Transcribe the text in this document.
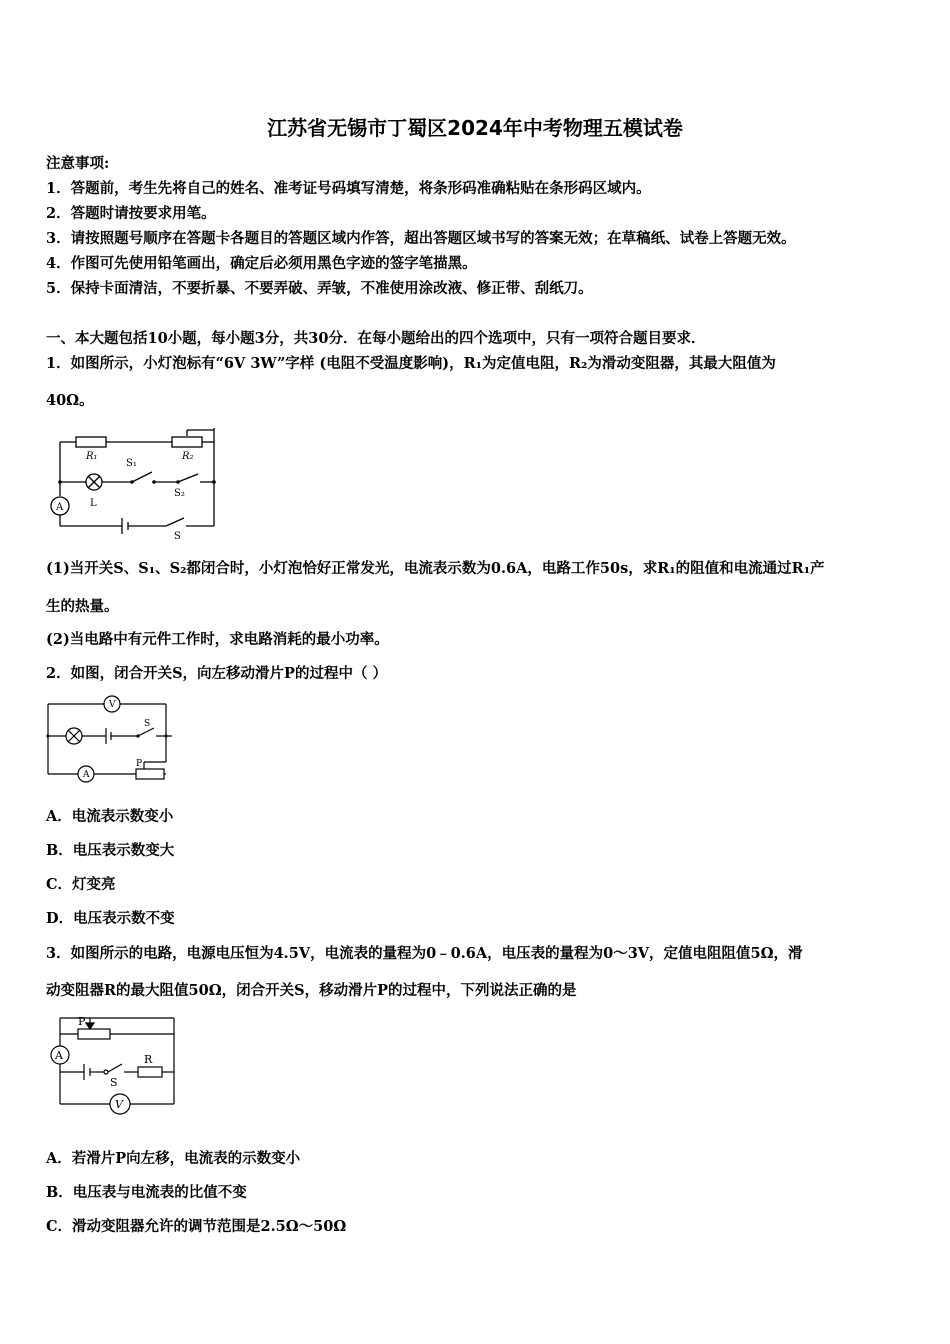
江苏省无锡市丁蜀区2024年中考物理五模试卷
注意事项:
1．答题前，考生先将自己的姓名、准考证号码填写清楚，将条形码准确粘贴在条形码区域内。
2．答题时请按要求用笔。
3．请按照题号顺序在答题卡各题目的答题区域内作答，超出答题区域书写的答案无效；在草稿纸、试卷上答题无效。
4．作图可先使用铅笔画出，确定后必须用黑色字迹的签字笔描黑。
5．保持卡面清洁，不要折暴、不要弄破、弄皱，不准使用涂改液、修正带、刮纸刀。
一、本大题包括10小题，每小题3分，共30分．在每小题给出的四个选项中，只有一项符合题目要求．
1．如图所示，小灯泡标有“6V 3W”字样 (电阻不受温度影响)，R₁为定值电阻，R₂为滑动变阻器，其最大阻值为
40Ω。
R₁	R₂
S₁
S₂
L
A
S
(1)当开关S、S₁、S₂都闭合时，小灯泡恰好正常发光，电流表示数为0.6A，电路工作50s，求R₁的阻值和电流通过R₁产
生的热量。
(2)当电路中有元件工作时，求电路消耗的最小功率。
2．如图，闭合开关S，向左移动滑片P的过程中（ ）
V
S
A
P
A．电流表示数变小
B．电压表示数变大
C．灯变亮
D．电压表示数不变
3．如图所示的电路，电源电压恒为4.5V，电流表的量程为0﹣0.6A，电压表的量程为0～3V，定值电阻阻值5Ω，滑
动变阻器R的最大阻值50Ω，闭合开关S，移动滑片P的过程中，下列说法正确的是
P
A	R
S
V
A．若滑片P向左移，电流表的示数变小
B．电压表与电流表的比值不变
C．滑动变阻器允许的调节范围是2.5Ω～50Ω
